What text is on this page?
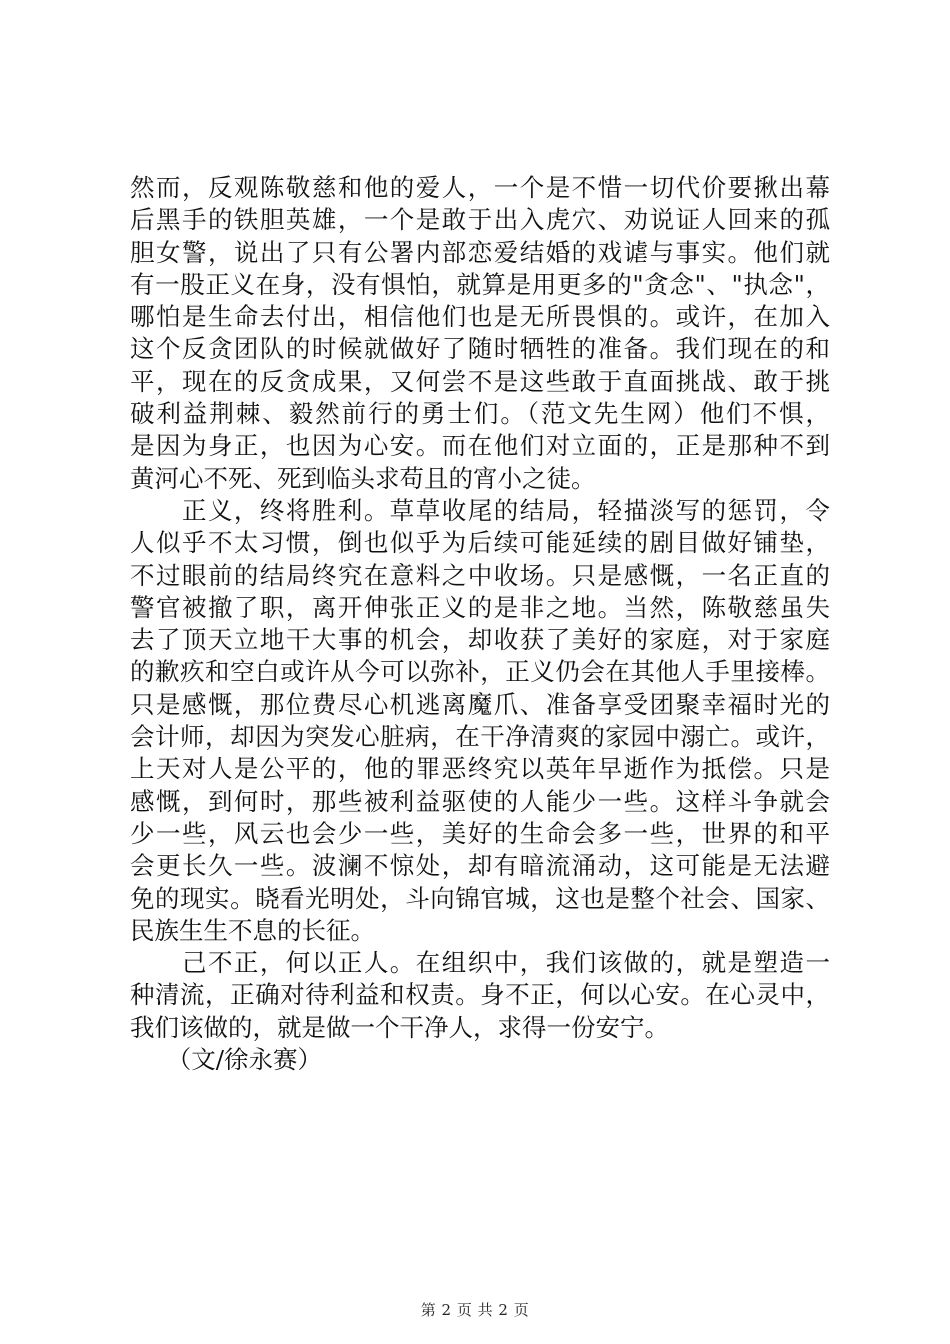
然而，反观陈敬慈和他的爱人，一个是不惜一切代价要揪出幕
后黑手的铁胆英雄，一个是敢于出入虎穴、劝说证人回来的孤
胆女警，说出了只有公署内部恋爱结婚的戏谑与事实。他们就
有一股正义在身，没有惧怕，就算是用更多的"贪念"、"执念"，
哪怕是生命去付出，相信他们也是无所畏惧的。或许，在加入
这个反贪团队的时候就做好了随时牺牲的准备。我们现在的和
平，现在的反贪成果，又何尝不是这些敢于直面挑战、敢于挑
破利益荆棘、毅然前行的勇士们。（范文先生网）他们不惧，
是因为身正，也因为心安。而在他们对立面的，正是那种不到
黄河心不死、死到临头求苟且的宵小之徒。
　　正义，终将胜利。草草收尾的结局，轻描淡写的惩罚，令
人似乎不太习惯，倒也似乎为后续可能延续的剧目做好铺垫，
不过眼前的结局终究在意料之中收场。只是感慨，一名正直的
警官被撤了职，离开伸张正义的是非之地。当然，陈敬慈虽失
去了顶天立地干大事的机会，却收获了美好的家庭，对于家庭
的歉疚和空白或许从今可以弥补，正义仍会在其他人手里接棒。
只是感慨，那位费尽心机逃离魔爪、准备享受团聚幸福时光的
会计师，却因为突发心脏病，在干净清爽的家园中溺亡。或许，
上天对人是公平的，他的罪恶终究以英年早逝作为抵偿。只是
感慨，到何时，那些被利益驱使的人能少一些。这样斗争就会
少一些，风云也会少一些，美好的生命会多一些，世界的和平
会更长久一些。波澜不惊处，却有暗流涌动，这可能是无法避
免的现实。晓看光明处，斗向锦官城，这也是整个社会、国家、
民族生生不息的长征。
　　己不正，何以正人。在组织中，我们该做的，就是塑造一
种清流，正确对待利益和权责。身不正，何以心安。在心灵中，
我们该做的，就是做一个干净人，求得一份安宁。
　　（文/徐永赛）
第 2 页 共 2 页
